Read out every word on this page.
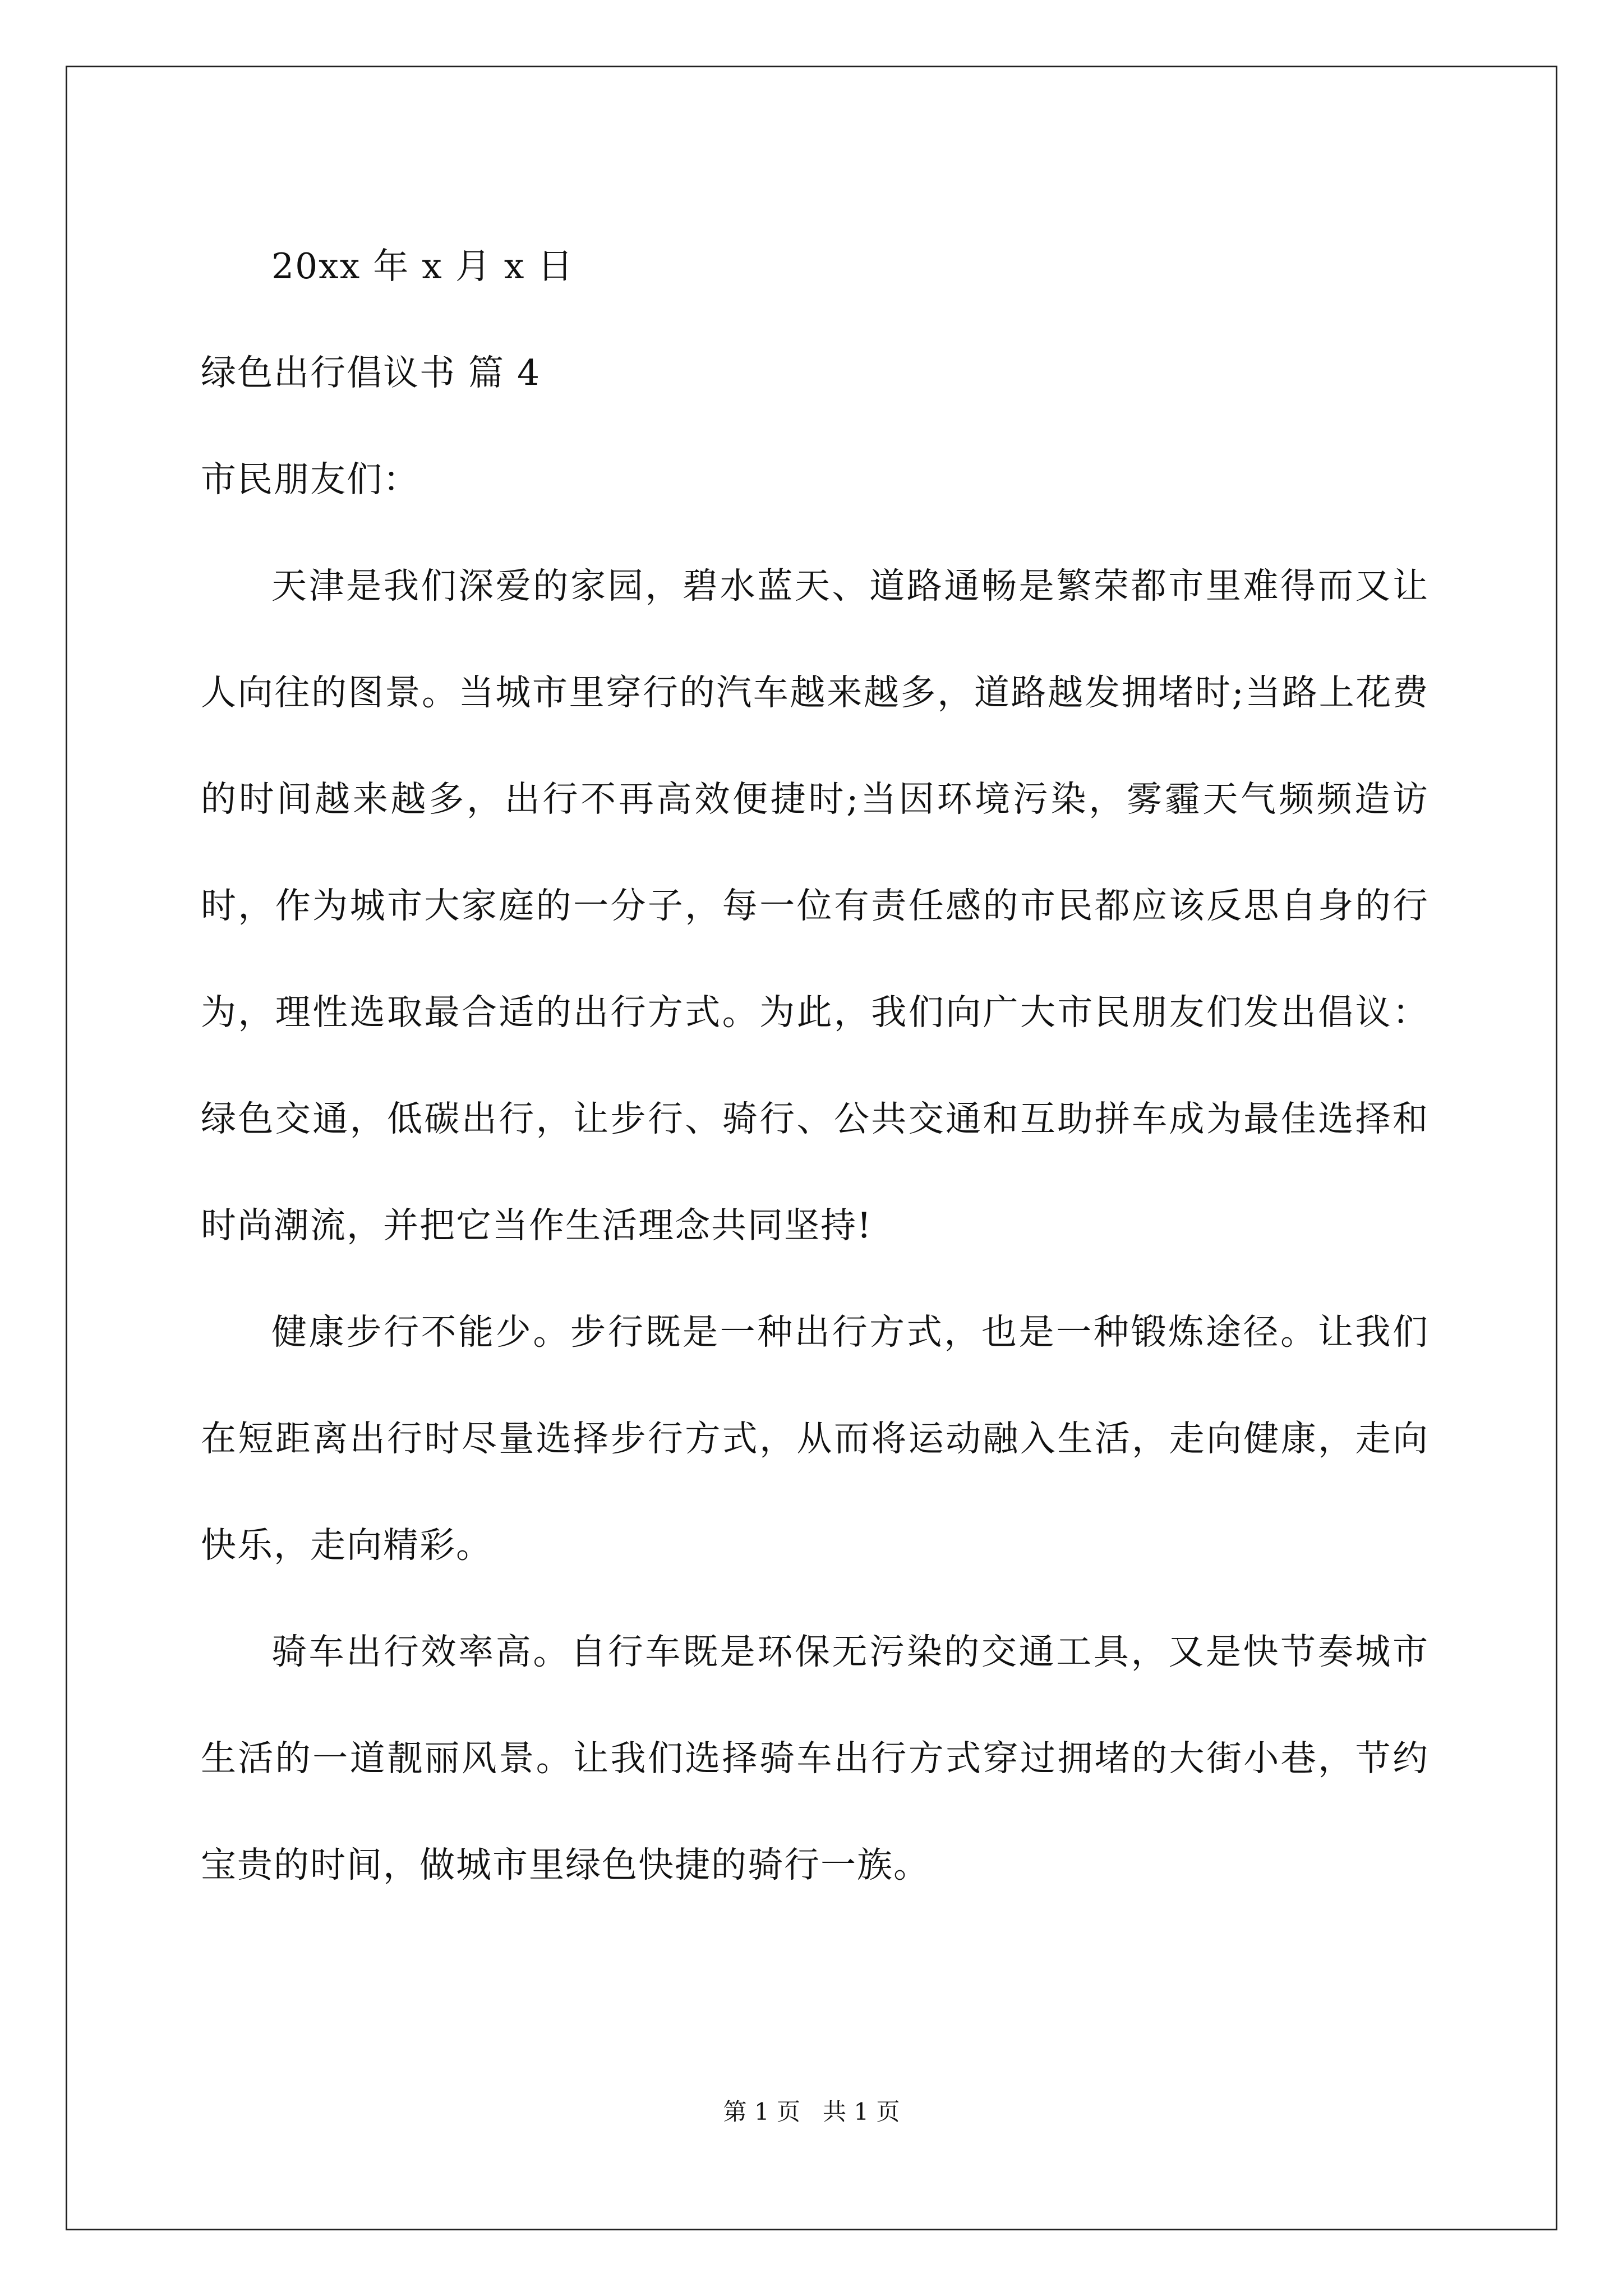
20xx 年 x 月 x 日
绿色出行倡议书 篇 4
市民朋友们：

天津是我们深爱的家园，碧水蓝天、道路通畅是繁荣都市里难得而又让人向往的图景。当城市里穿行的汽车越来越多，道路越发拥堵时;当路上花费的时间越来越多，出行不再高效便捷时;当因环境污染，雾霾天气频频造访时，作为城市大家庭的一分子，每一位有责任感的市民都应该反思自身的行为，理性选取最合适的出行方式。为此，我们向广大市民朋友们发出倡议：绿色交通，低碳出行，让步行、骑行、公共交通和互助拼车成为最佳选择和时尚潮流，并把它当作生活理念共同坚持!

健康步行不能少。步行既是一种出行方式，也是一种锻炼途径。让我们在短距离出行时尽量选择步行方式，从而将运动融入生活，走向健康，走向快乐，走向精彩。

骑车出行效率高。自行车既是环保无污染的交通工具，又是快节奏城市生活的一道靓丽风景。让我们选择骑车出行方式穿过拥堵的大街小巷，节约宝贵的时间，做城市里绿色快捷的骑行一族。

第 1 页   共 1 页
